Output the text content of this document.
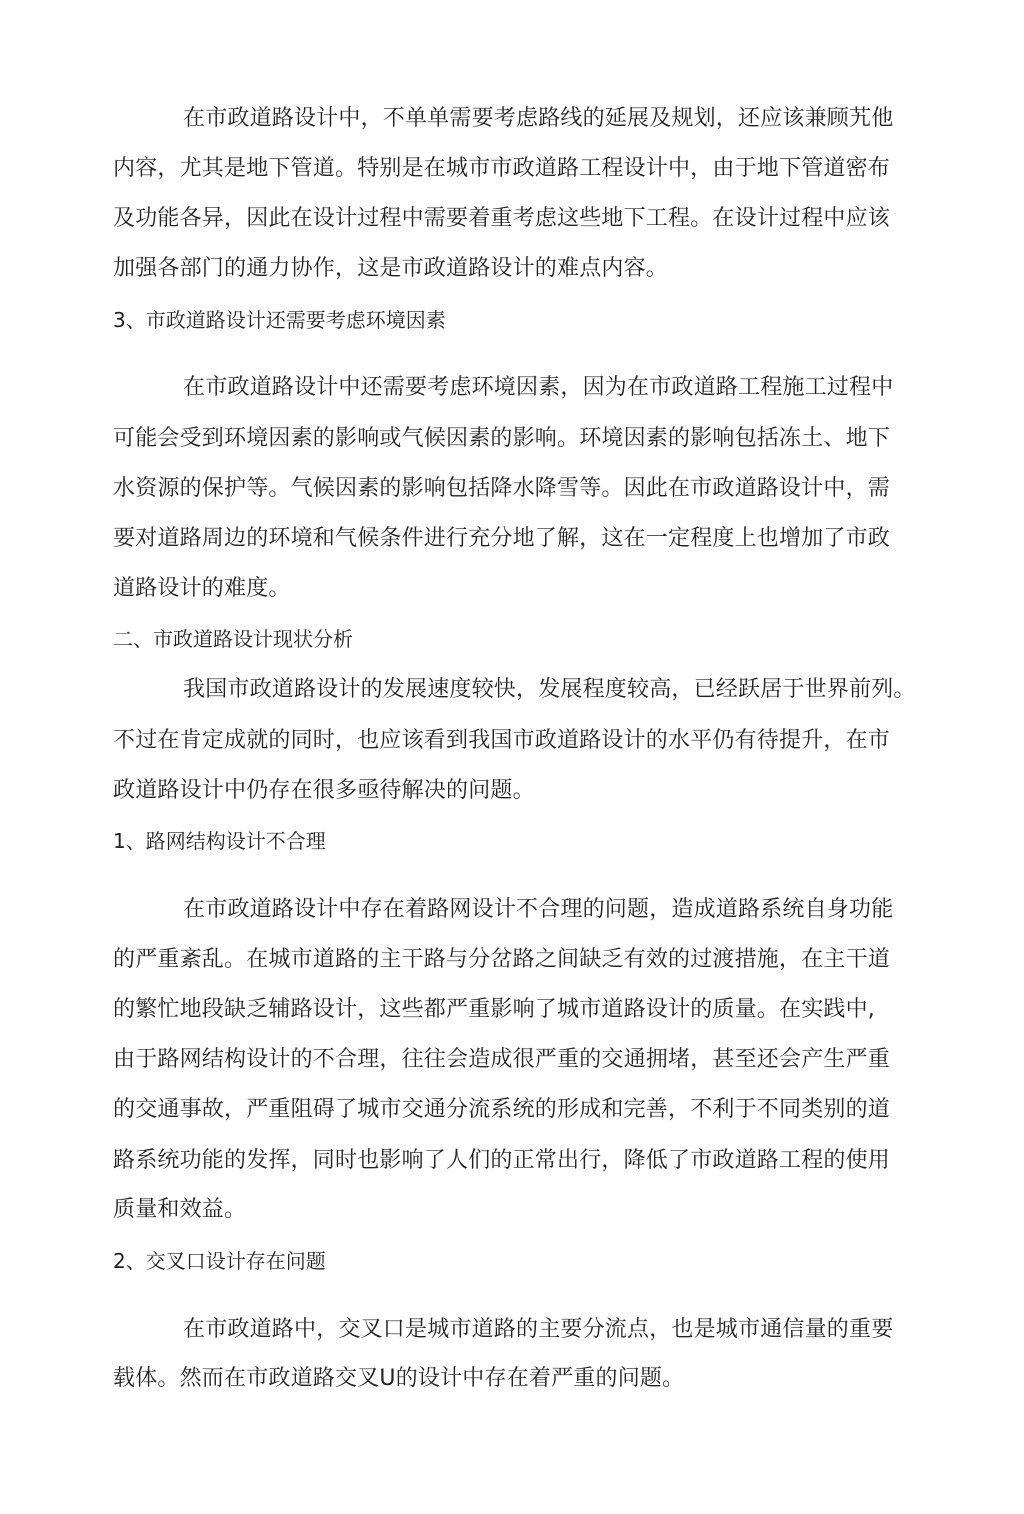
在市政道路设计中，不单单需要考虑路线的延展及规划，还应该兼顾艽他
内容，尤其是地下管道。特别是在城市市政道路工程设计中，由于地下管道密布
及功能各异，因此在设计过程中需要着重考虑这些地下工程。在设计过程中应该
加强各部门的通力协作，这是市政道路设计的难点内容。
3、市政道路设计还需要考虑环境因素
在市政道路设计中还需要考虑环境因素，因为在市政道路工程施工过程中
可能会受到环境因素的影响或气候因素的影响。环境因素的影响包括冻土、地下
水资源的保护等。气候因素的影响包括降水降雪等。因此在市政道路设计中，需
要对道路周边的环境和气候条件进行充分地了解，这在一定程度上也增加了市政
道路设计的难度。
二、市政道路设计现状分析
我国市政道路设计的发展速度较快，发展程度较高，已经跃居于世界前列。
不过在肯定成就的同时，也应该看到我国市政道路设计的水平仍有待提升，在市
政道路设计中仍存在很多亟待解决的问题。
1、路网结构设计不合理
在市政道路设计中存在着路网设计不合理的问题，造成道路系统自身功能
的严重紊乱。在城市道路的主干路与分岔路之间缺乏有效的过渡措施，在主干道
的繁忙地段缺乏辅路设计，这些都严重影响了城市道路设计的质量。在实践中,
由于路网结构设计的不合理，往往会造成很严重的交通拥堵，甚至还会产生严重
的交通事故，严重阻碍了城市交通分流系统的形成和完善，不利于不同类别的道
路系统功能的发挥，同时也影响了人们的正常出行，降低了市政道路工程的使用
质量和效益。
2、交叉口设计存在问题
在市政道路中，交叉口是城市道路的主要分流点，也是城市通信量的重要
载体。然而在市政道路交叉U的设计中存在着严重的问题。
